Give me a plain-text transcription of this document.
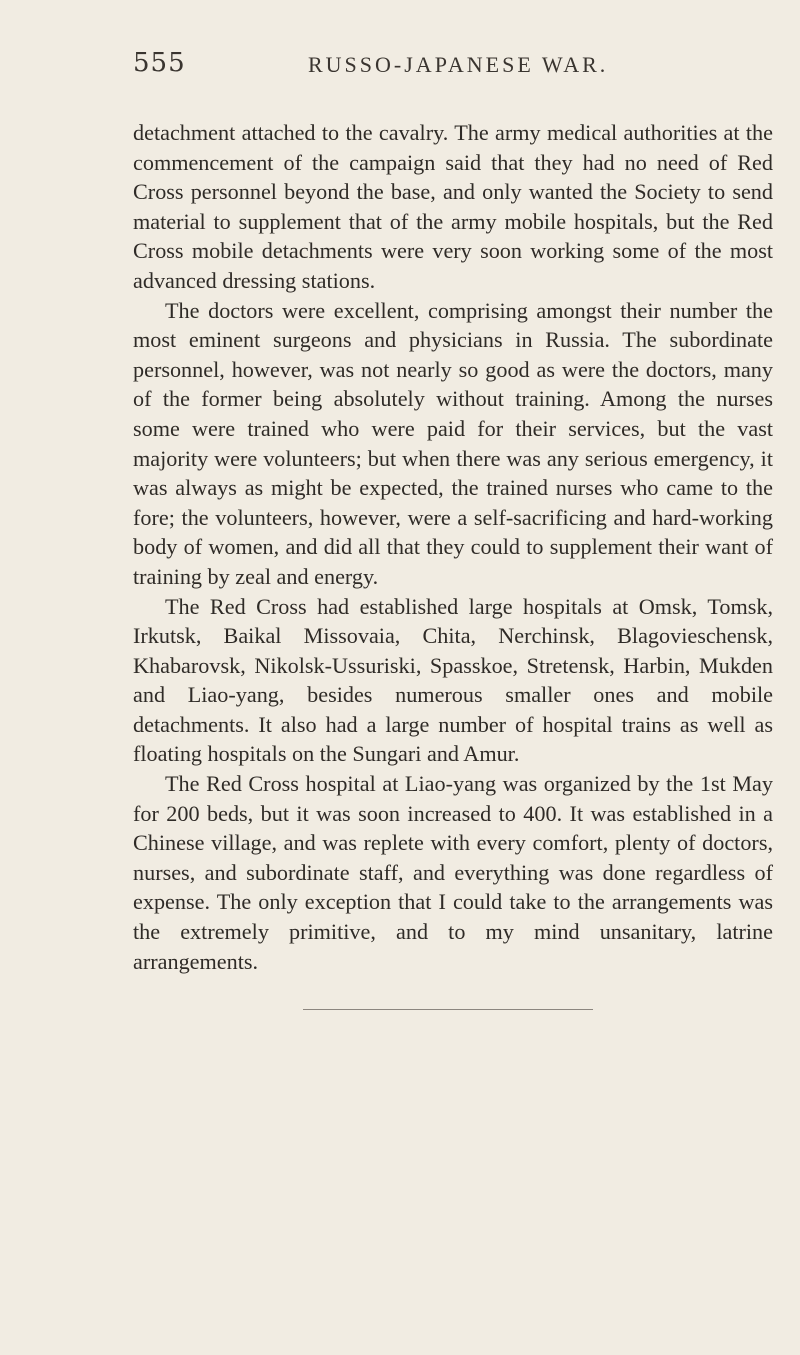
555	RUSSO-JAPANESE WAR.

detachment attached to the cavalry. The army medical authorities at the commencement of the campaign said that they had no need of Red Cross personnel beyond the base, and only wanted the Society to send material to supplement that of the army mobile hospitals, but the Red Cross mobile detachments were very soon working some of the most advanced dressing stations.

The doctors were excellent, comprising amongst their number the most eminent surgeons and physicians in Russia. The subordinate personnel, however, was not nearly so good as were the doctors, many of the former being absolutely without training. Among the nurses some were trained who were paid for their services, but the vast majority were volunteers; but when there was any serious emergency, it was always as might be expected, the trained nurses who came to the fore; the volunteers, however, were a self-sacrificing and hard-working body of women, and did all that they could to supplement their want of training by zeal and energy.

The Red Cross had established large hospitals at Omsk, Tomsk, Irkutsk, Baikal Missovaia, Chita, Nerchinsk, Blagovieschensk, Khabarovsk, Nikolsk-Ussuriski, Spasskoe, Stretensk, Harbin, Mukden and Liao-yang, besides numerous smaller ones and mobile detachments. It also had a large number of hospital trains as well as floating hospitals on the Sungari and Amur.

The Red Cross hospital at Liao-yang was organized by the 1st May for 200 beds, but it was soon increased to 400. It was established in a Chinese village, and was replete with every comfort, plenty of doctors, nurses, and subordinate staff, and everything was done regardless of expense. The only exception that I could take to the arrangements was the extremely primitive, and to my mind unsanitary, latrine arrangements.
